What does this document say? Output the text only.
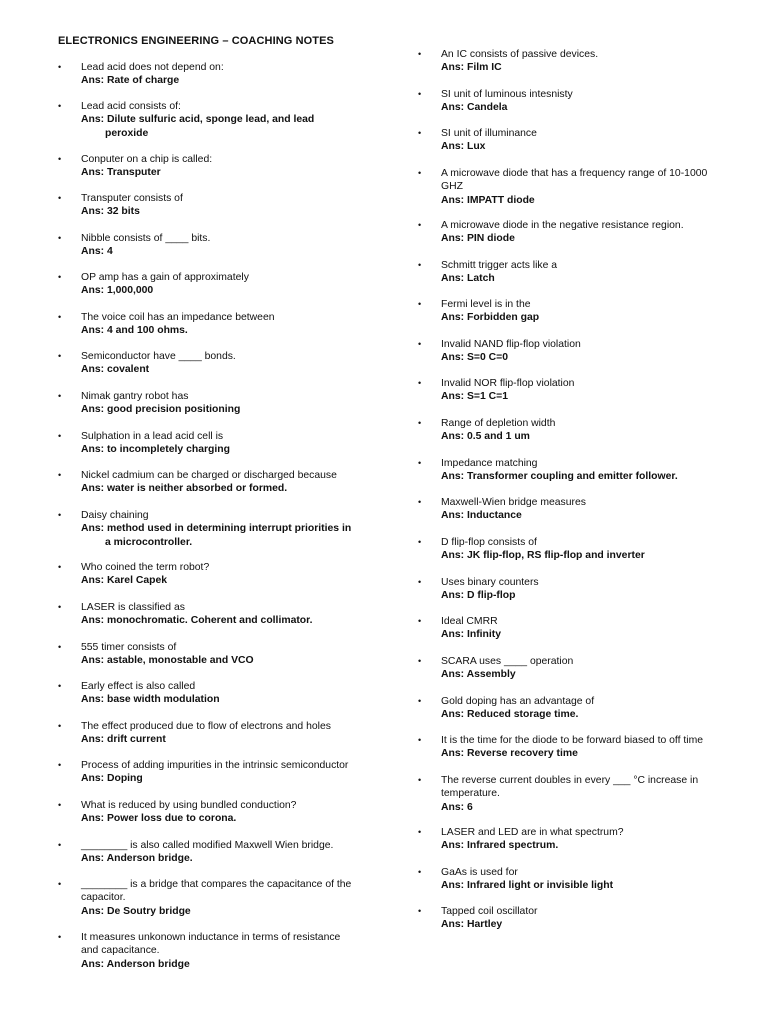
ELECTRONICS ENGINEERING – COACHING NOTES
• Lead acid does not depend on:
Ans: Rate of charge
• Lead acid consists of:
Ans: Dilute sulfuric acid, sponge lead, and lead
peroxide
• Conputer on a chip is called:
Ans: Transputer
• Transputer consists of
Ans: 32 bits
• Nibble consists of ____ bits.
Ans: 4
• OP amp has a gain of approximately
Ans: 1,000,000
• The voice coil has an impedance between
Ans: 4 and 100 ohms.
• Semiconductor have ____ bonds.
Ans: covalent
• Nimak gantry robot has
Ans: good precision positioning
• Sulphation in a lead acid cell is
Ans: to incompletely charging
• Nickel cadmium can be charged or discharged because
Ans: water is neither absorbed or formed.
• Daisy chaining
Ans: method used in determining interrupt priorities in
a microcontroller.
• Who coined the term robot?
Ans: Karel Capek
• LASER is classified as
Ans: monochromatic. Coherent and collimator.
• 555 timer consists of
Ans: astable, monostable and VCO
• Early effect is also called
Ans: base width modulation
• The effect produced due to flow of electrons and holes
Ans: drift current
• Process of adding impurities in the intrinsic semiconductor
Ans: Doping
• What is reduced by using bundled conduction?
Ans: Power loss due to corona.
• ________ is also called modified Maxwell Wien bridge.
Ans: Anderson bridge.
• ________ is a bridge that compares the capacitance of the capacitor.
Ans: De Soutry bridge
• It measures unkonown inductance in terms of resistance and capacitance.
Ans: Anderson bridge
• An IC consists of passive devices.
Ans: Film IC
• SI unit of luminous intesnisty
Ans: Candela
• SI unit of illuminance
Ans: Lux
• A microwave diode that has a frequency range of 10-1000 GHZ
Ans: IMPATT diode
• A microwave diode in the negative resistance region.
Ans: PIN diode
• Schmitt trigger acts like a
Ans: Latch
• Fermi level is in the
Ans: Forbidden gap
• Invalid NAND flip-flop violation
Ans: S=0 C=0
• Invalid NOR flip-flop violation
Ans: S=1 C=1
• Range of depletion width
Ans: 0.5 and 1 um
• Impedance matching
Ans: Transformer coupling and emitter follower.
• Maxwell-Wien bridge measures
Ans: Inductance
• D flip-flop consists of
Ans: JK flip-flop, RS flip-flop and inverter
• Uses binary counters
Ans: D flip-flop
• Ideal CMRR
Ans: Infinity
• SCARA uses ____ operation
Ans: Assembly
• Gold doping has an advantage of
Ans: Reduced storage time.
• It is the time for the diode to be forward biased to off time
Ans: Reverse recovery time
• The reverse current doubles in every ___ °C increase in temperature.
Ans: 6
• LASER and LED are in what spectrum?
Ans: Infrared spectrum.
• GaAs is used for
Ans: Infrared light or invisible light
• Tapped coil oscillator
Ans: Hartley
